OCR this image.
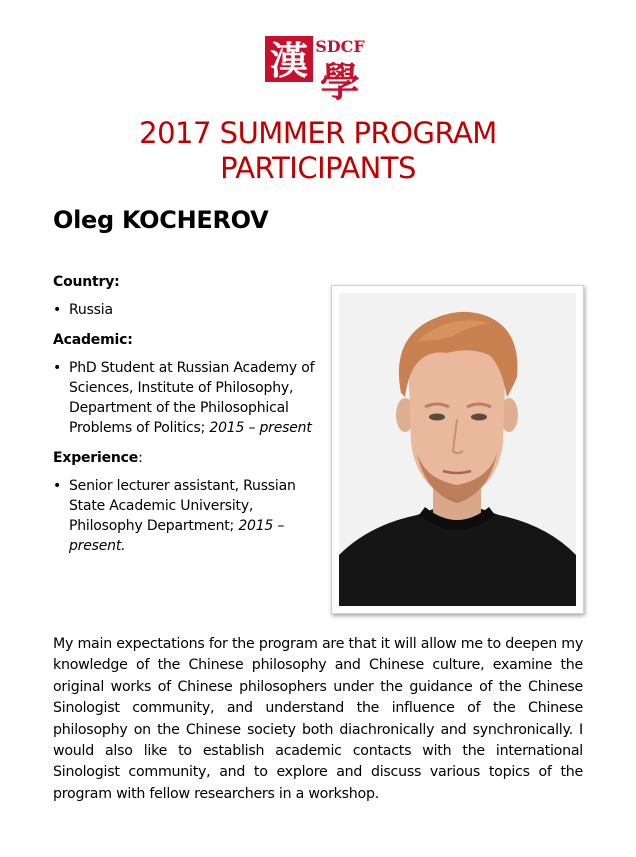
漢 SDCF
學
2017 SUMMER PROGRAM
PARTICIPANTS
Oleg KOCHEROV
Country:
• Russia
Academic:
• PhD Student at Russian Academy of Sciences, Institute of Philosophy, Department of the Philosophical Problems of Politics; 2015 – present
Experience:
• Senior lecturer assistant, Russian State Academic University, Philosophy Department; 2015 – present.
My main expectations for the program are that it will allow me to deepen my knowledge of the Chinese philosophy and Chinese culture, examine the original works of Chinese philosophers under the guidance of the Chinese Sinologist community, and understand the influence of the Chinese philosophy on the Chinese society both diachronically and synchronically. I would also like to establish academic contacts with the international Sinologist community, and to explore and discuss various topics of the program with fellow researchers in a workshop.
